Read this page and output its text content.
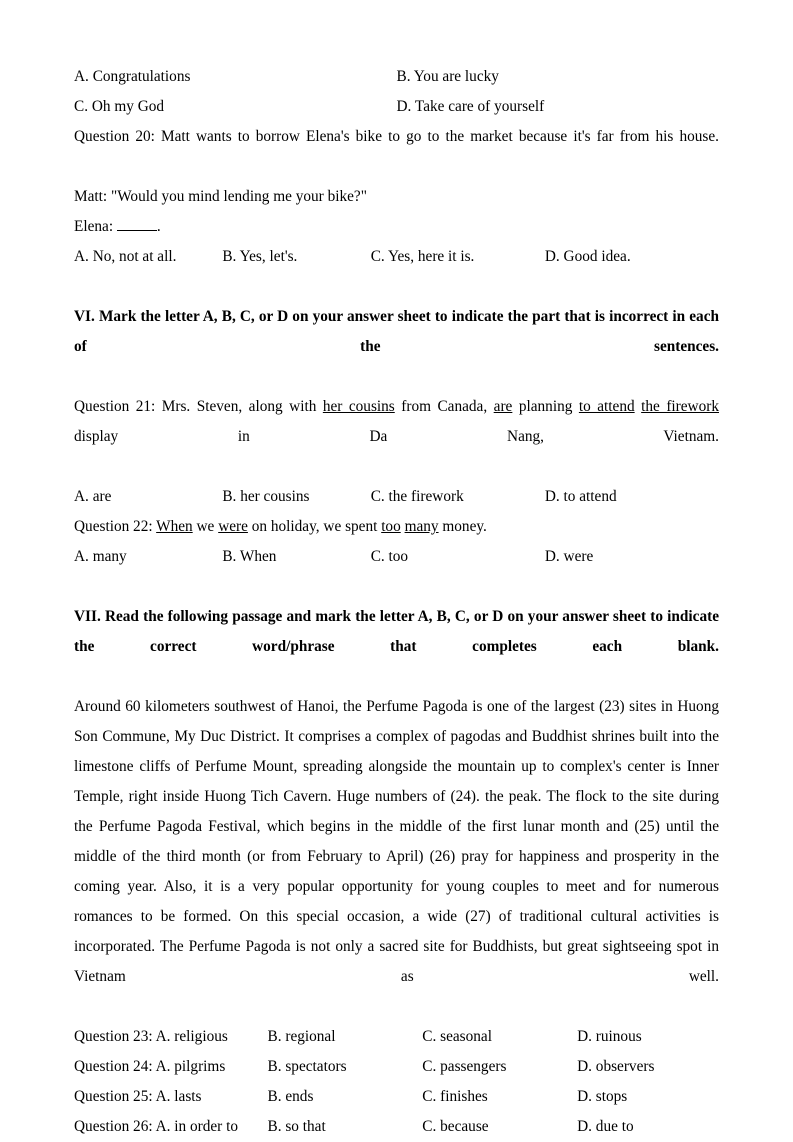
A. Congratulations	B. You are lucky
C. Oh my God	D. Take care of yourself

Question 20: Matt wants to borrow Elena's bike to go to the market because it's far from his house.

Matt: "Would you mind lending me your bike?"

Elena:	.

A. No, not at all.	B. Yes, let's.	C. Yes, here it is.	D. Good idea.

VI. Mark the letter A, B, C, or D on your answer sheet to indicate the part that is incorrect in each of the sentences.

Question 21: Mrs. Steven, along with her cousins from Canada, are planning to attend the firework display in Da Nang, Vietnam.

A. are	B. her cousins	C. the firework	D. to attend

Question 22: When we were on holiday, we spent too many money.

A. many	B. When	C. too	D. were

VII. Read the following passage and mark the letter A, B, C, or D on your answer sheet to indicate the correct word/phrase that completes each blank.

Around 60 kilometers southwest of Hanoi, the Perfume Pagoda is one of the largest (23) sites in Huong Son Commune, My Duc District. It comprises a complex of pagodas and Buddhist shrines built into the limestone cliffs of Perfume Mount, spreading alongside the mountain up to complex's center is Inner Temple, right inside Huong Tich Cavern. Huge numbers of (24). the peak. The flock to the site during the Perfume Pagoda Festival, which begins in the middle of the first lunar month and (25) until the middle of the third month (or from February to April) (26) pray for happiness and prosperity in the coming year. Also, it is a very popular opportunity for young couples to meet and for numerous romances to be formed. On this special occasion, a wide (27) of traditional cultural activities is incorporated. The Perfume Pagoda is not only a sacred site for Buddhists, but great sightseeing spot in Vietnam as well.

Question 23: A. religious	B. regional	C. seasonal	D. ruinous
Question 24: A. pilgrims	B. spectators	C. passengers	D. observers
Question 25: A. lasts	B. ends	C. finishes	D. stops
Question 26: A. in order to	B. so that	C. because	D. due to
